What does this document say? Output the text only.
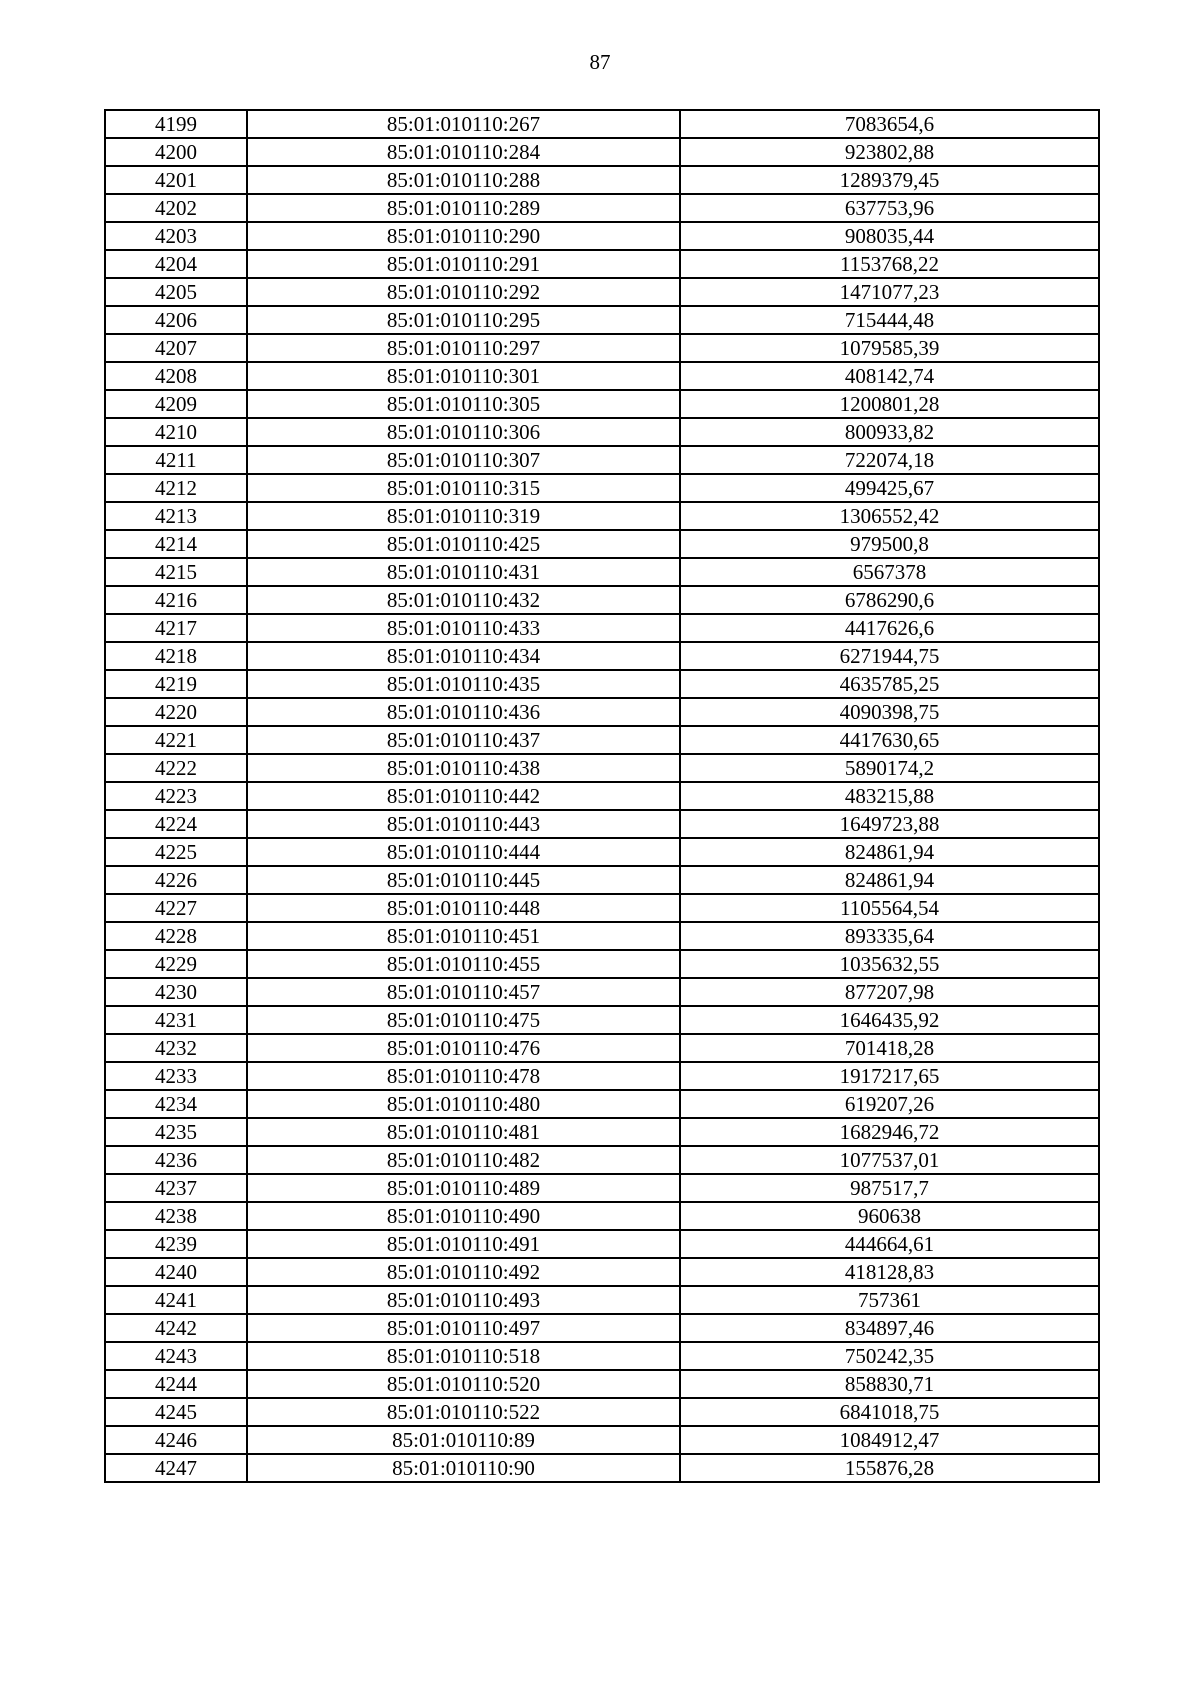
87
4199	85:01:010110:267	7083654,6
4200	85:01:010110:284	923802,88
4201	85:01:010110:288	1289379,45
4202	85:01:010110:289	637753,96
4203	85:01:010110:290	908035,44
4204	85:01:010110:291	1153768,22
4205	85:01:010110:292	1471077,23
4206	85:01:010110:295	715444,48
4207	85:01:010110:297	1079585,39
4208	85:01:010110:301	408142,74
4209	85:01:010110:305	1200801,28
4210	85:01:010110:306	800933,82
4211	85:01:010110:307	722074,18
4212	85:01:010110:315	499425,67
4213	85:01:010110:319	1306552,42
4214	85:01:010110:425	979500,8
4215	85:01:010110:431	6567378
4216	85:01:010110:432	6786290,6
4217	85:01:010110:433	4417626,6
4218	85:01:010110:434	6271944,75
4219	85:01:010110:435	4635785,25
4220	85:01:010110:436	4090398,75
4221	85:01:010110:437	4417630,65
4222	85:01:010110:438	5890174,2
4223	85:01:010110:442	483215,88
4224	85:01:010110:443	1649723,88
4225	85:01:010110:444	824861,94
4226	85:01:010110:445	824861,94
4227	85:01:010110:448	1105564,54
4228	85:01:010110:451	893335,64
4229	85:01:010110:455	1035632,55
4230	85:01:010110:457	877207,98
4231	85:01:010110:475	1646435,92
4232	85:01:010110:476	701418,28
4233	85:01:010110:478	1917217,65
4234	85:01:010110:480	619207,26
4235	85:01:010110:481	1682946,72
4236	85:01:010110:482	1077537,01
4237	85:01:010110:489	987517,7
4238	85:01:010110:490	960638
4239	85:01:010110:491	444664,61
4240	85:01:010110:492	418128,83
4241	85:01:010110:493	757361
4242	85:01:010110:497	834897,46
4243	85:01:010110:518	750242,35
4244	85:01:010110:520	858830,71
4245	85:01:010110:522	6841018,75
4246	85:01:010110:89	1084912,47
4247	85:01:010110:90	155876,28
